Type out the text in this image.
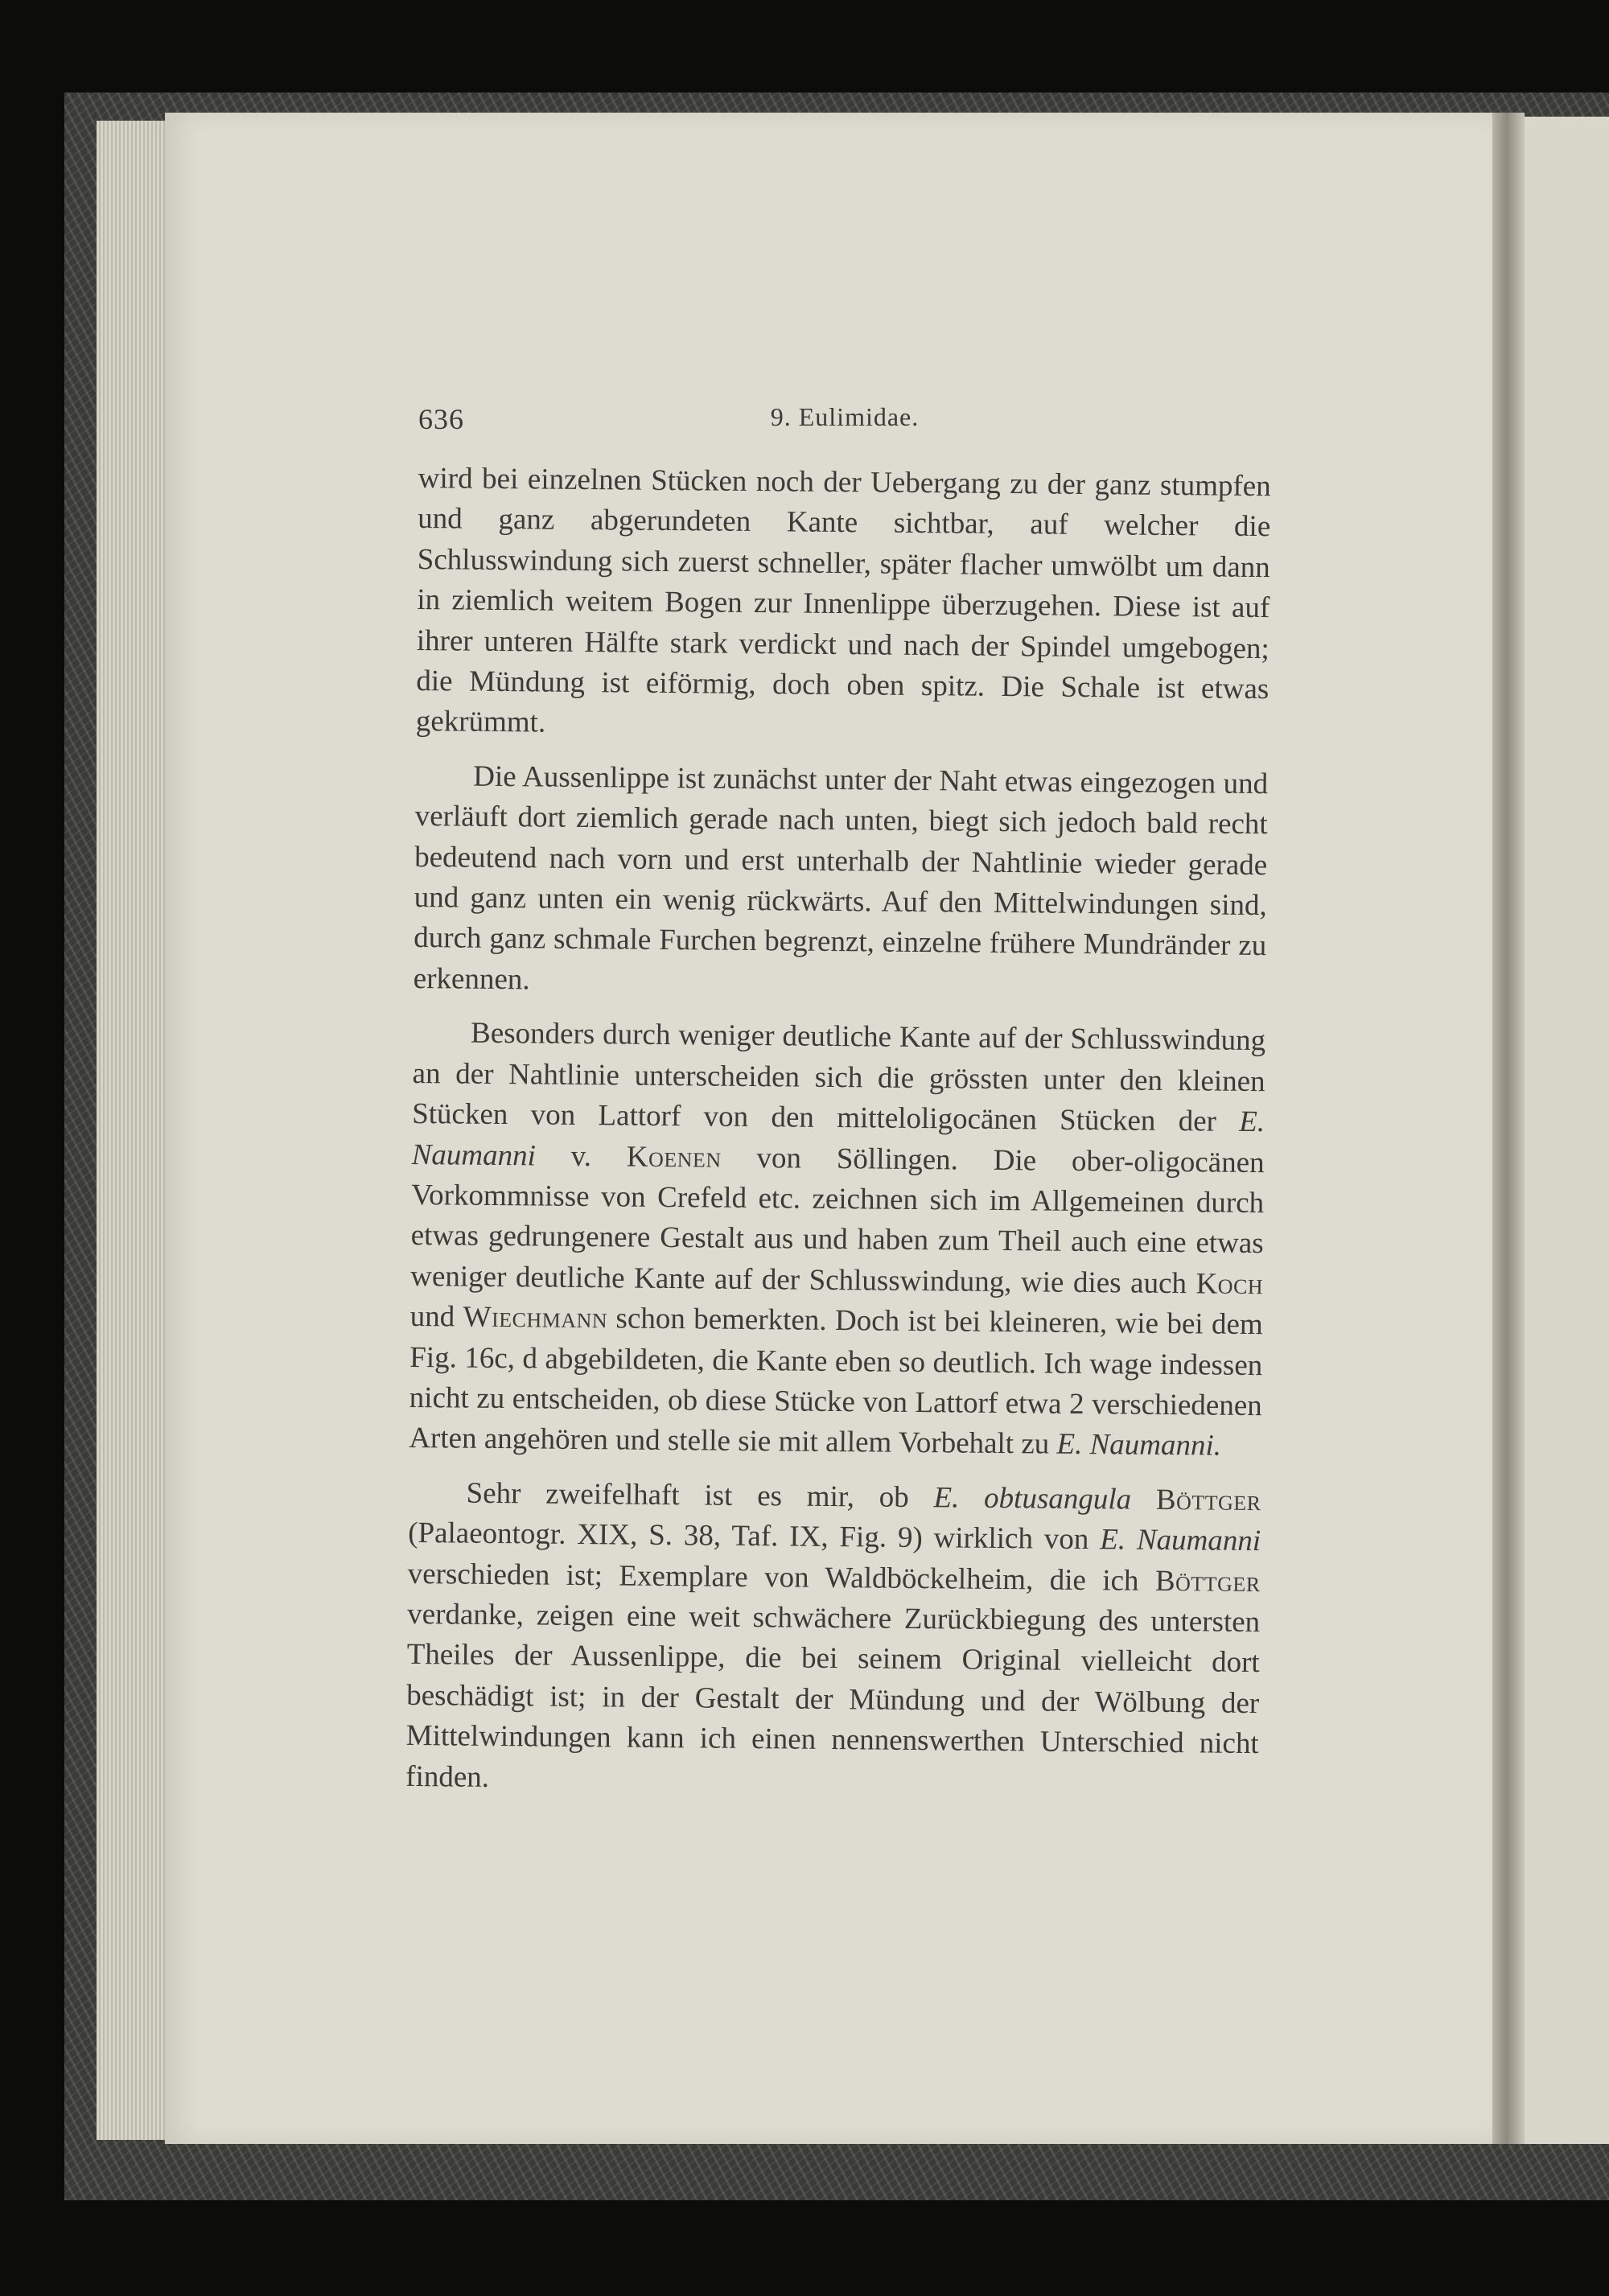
636	9. Eulimidae.

wird bei einzelnen Stücken noch der Uebergang zu der ganz stumpfen und ganz abgerundeten Kante sichtbar, auf welcher die Schlusswindung sich zuerst schneller, später flacher umwölbt um dann in ziemlich weitem Bogen zur Innenlippe überzugehen. Diese ist auf ihrer unteren Hälfte stark verdickt und nach der Spindel umgebogen; die Mündung ist eiförmig, doch oben spitz. Die Schale ist etwas gekrümmt.

Die Aussenlippe ist zunächst unter der Naht etwas eingezogen und verläuft dort ziemlich gerade nach unten, biegt sich jedoch bald recht bedeutend nach vorn und erst unterhalb der Nahtlinie wieder gerade und ganz unten ein wenig rückwärts. Auf den Mittelwindungen sind, durch ganz schmale Furchen begrenzt, einzelne frühere Mundränder zu erkennen.

Besonders durch weniger deutliche Kante auf der Schlusswindung an der Nahtlinie unterscheiden sich die grössten unter den kleinen Stücken von Lattorf von den mitteloligocänen Stücken der E. Naumanni v. Koenen von Söllingen. Die ober-oligocänen Vorkommnisse von Crefeld etc. zeichnen sich im Allgemeinen durch etwas gedrungenere Gestalt aus und haben zum Theil auch eine etwas weniger deutliche Kante auf der Schlusswindung, wie dies auch Koch und Wiechmann schon bemerkten. Doch ist bei kleineren, wie bei dem Fig. 16c, d abgebildeten, die Kante eben so deutlich. Ich wage indessen nicht zu entscheiden, ob diese Stücke von Lattorf etwa 2 verschiedenen Arten angehören und stelle sie mit allem Vorbehalt zu E. Naumanni.

Sehr zweifelhaft ist es mir, ob E. obtusangula Böttger (Palaeontogr. XIX, S. 38, Taf. IX, Fig. 9) wirklich von E. Naumanni verschieden ist; Exemplare von Waldböckelheim, die ich Böttger verdanke, zeigen eine weit schwächere Zurückbiegung des untersten Theiles der Aussenlippe, die bei seinem Original vielleicht dort beschädigt ist; in der Gestalt der Mündung und der Wölbung der Mittelwindungen kann ich einen nennenswerthen Unterschied nicht finden.
